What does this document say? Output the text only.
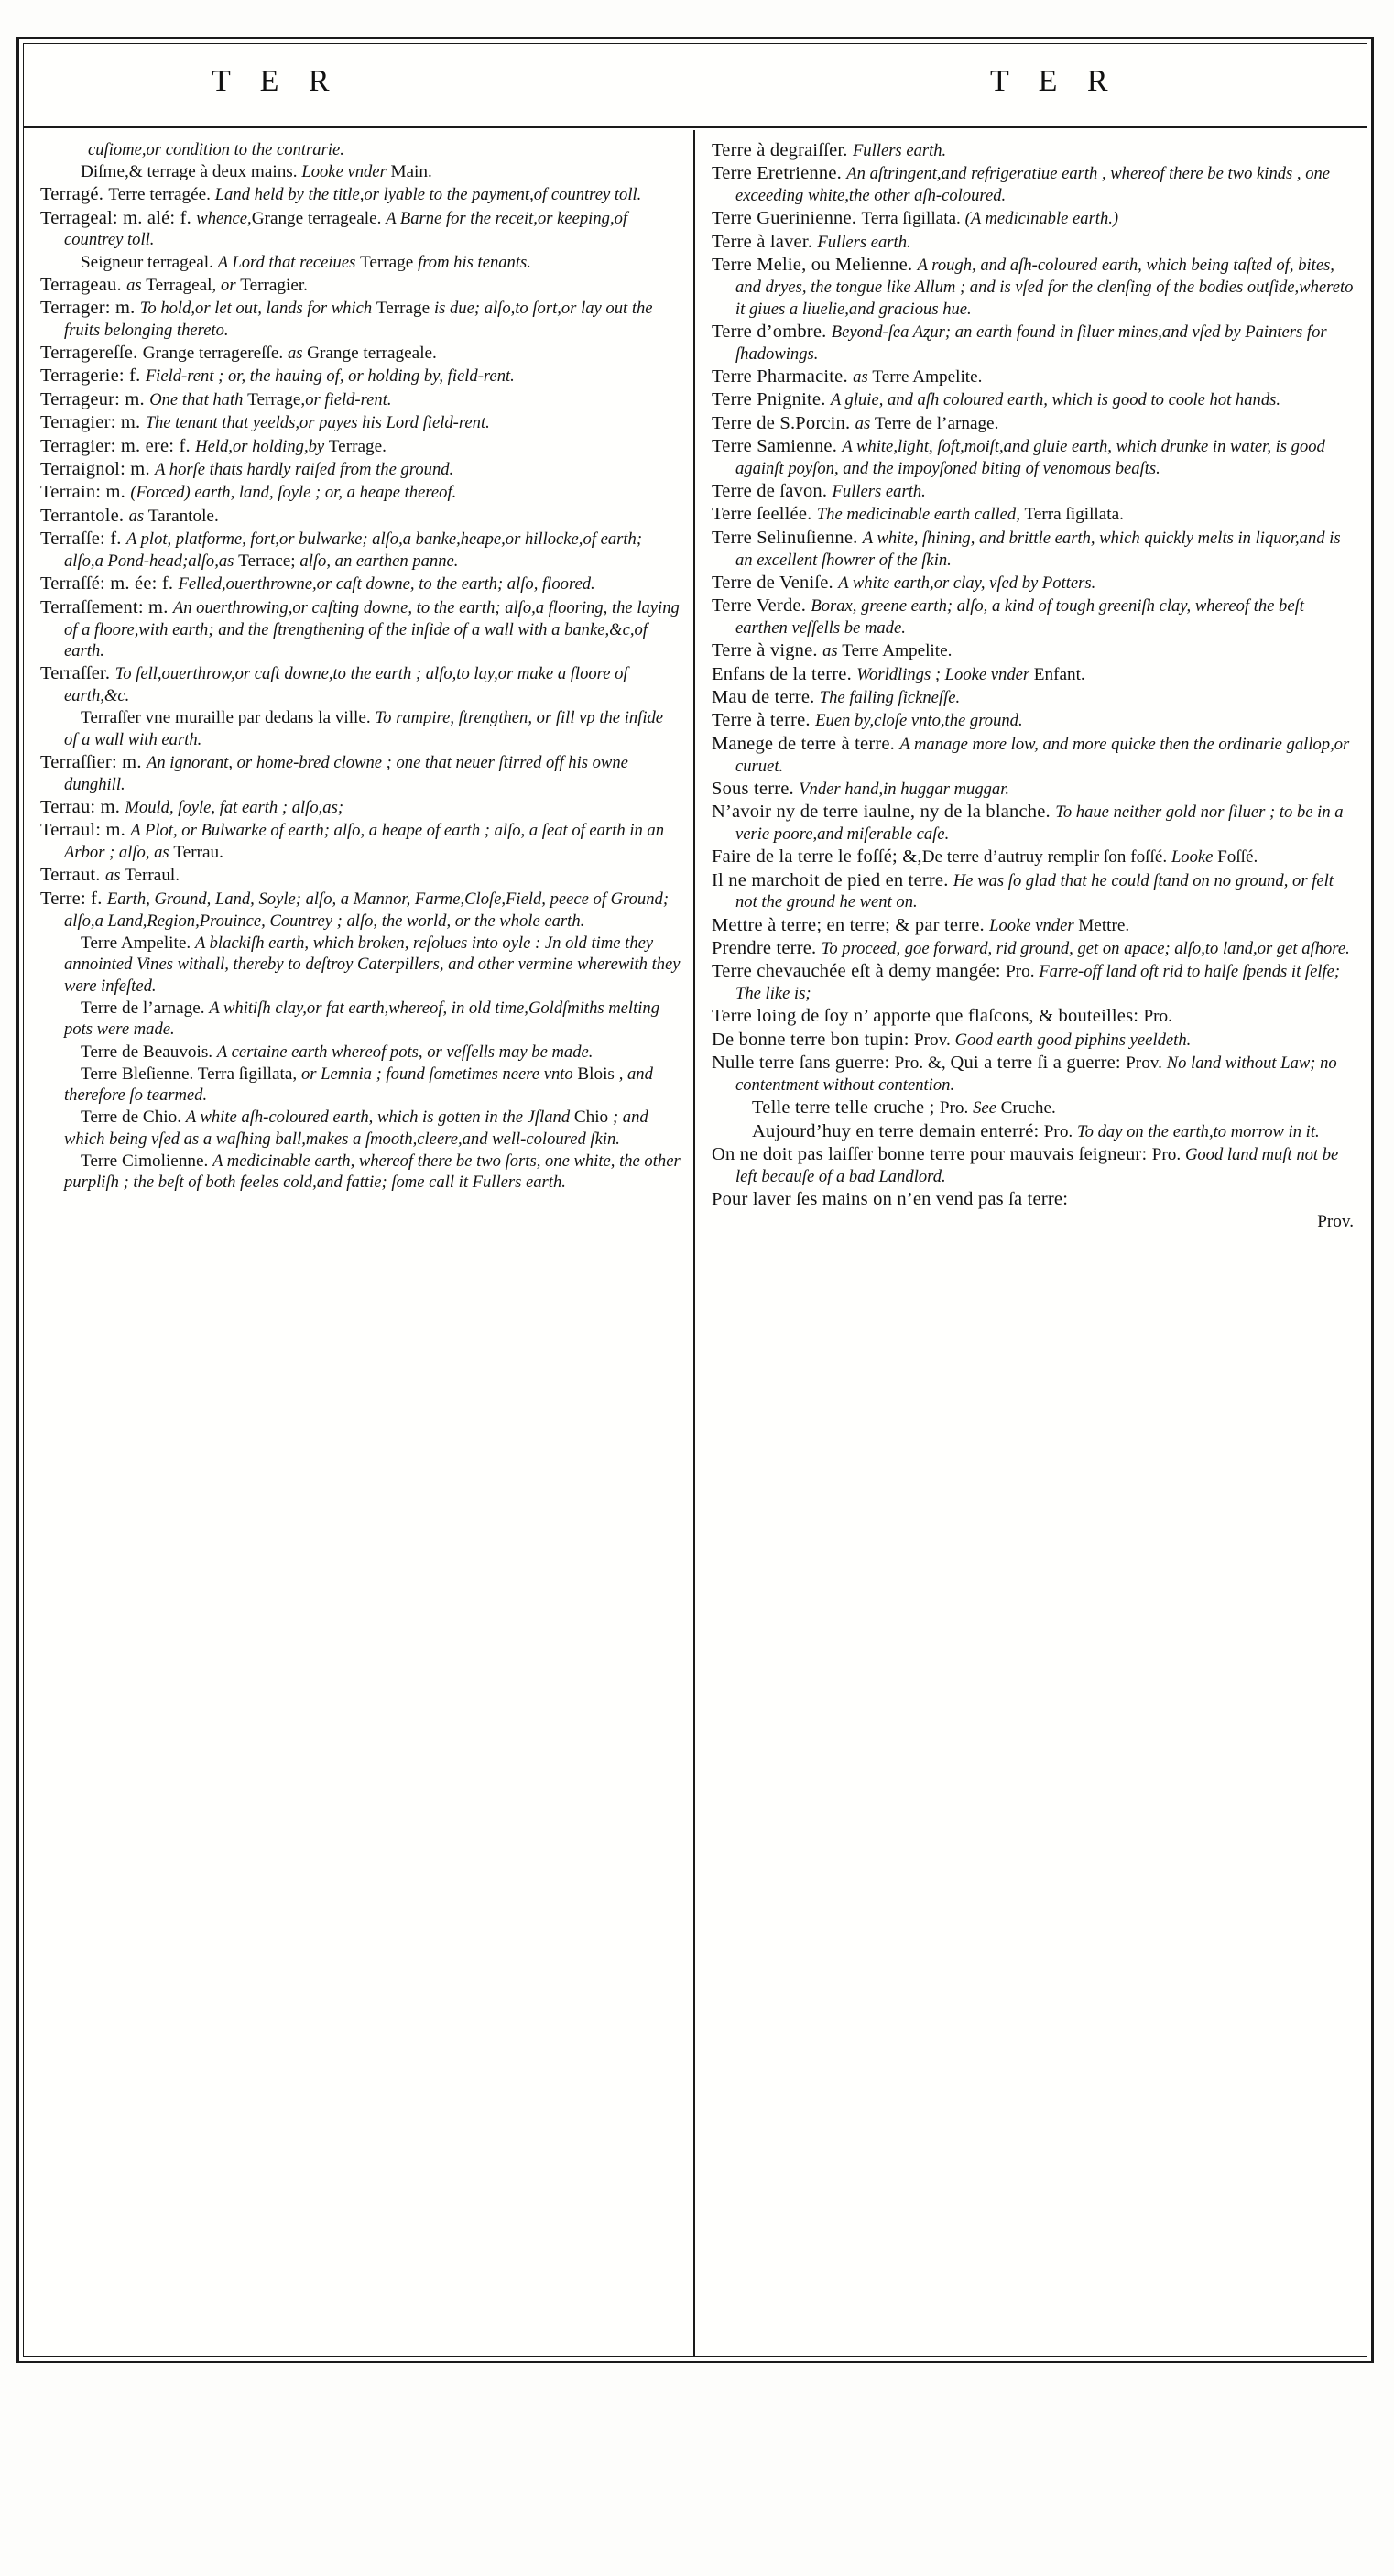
T E R	T E R
cuſiome,or condition to the contrarie.
Diſme,& terrage à deux mains. Looke vnder Main.
Terragé. Terre terragée. Land held by the title,or lyable to the payment,of countrey toll.
Terrageal: m. alé: f. whence,Grange terrageale. A Barne for the receit,or keeping,of countrey toll.
Seigneur terrageal. A Lord that receiues Terrage from his tenants.
Terrageau. as Terrageal, or Terragier.
Terrager: m. To hold,or let out, lands for which Terrage is due; alſo,to ſort,or lay out the fruits belonging thereto.
Terragereſſe. Grange terragereſſe. as Grange terrageale.
Terragerie: f. Field-rent ; or, the hauing of, or holding by, field-rent.
Terrageur: m. One that hath Terrage,or field-rent.
Terragier: m. The tenant that yeelds,or payes his Lord field-rent.
Terragier: m. ere: f. Held,or holding,by Terrage.
Terraignol: m. A horſe thats hardly raiſed from the ground.
Terrain: m. (Forced) earth, land, ſoyle ; or, a heape thereof.
Terrantole. as Tarantole.
Terraſſe: f. A plot, platforme, fort,or bulwarke; alſo,a banke,heape,or hillocke,of earth; alſo,a Pond-head;alſo,as Terrace; alſo, an earthen panne.
Terraſſé: m. ée: f. Felled,ouerthrowne,or caſt downe, to the earth; alſo, floored.
Terraſſement: m. An ouerthrowing,or caſting downe, to the earth; alſo,a flooring, the laying of a floore,with earth; and the ſtrengthening of the inſide of a wall with a banke,&c,of earth.
Terraſſer. To fell,ouerthrow,or caſt downe,to the earth ; alſo,to lay,or make a floore of earth,&c.
Terraſſer vne muraille par dedans la ville. To rampire, ſtrengthen, or fill vp the inſide of a wall with earth.
Terraſſier: m. An ignorant, or home-bred clowne ; one that neuer ſtirred off his owne dunghill.
Terrau: m. Mould, ſoyle, fat earth ; alſo,as;
Terraul: m. A Plot, or Bulwarke of earth; alſo, a heape of earth ; alſo, a ſeat of earth in an Arbor ; alſo, as Terrau.
Terraut. as Terraul.
Terre: f. Earth, Ground, Land, Soyle; alſo, a Mannor, Farme,Cloſe,Field, peece of Ground; alſo,a Land,Region,Prouince, Countrey ; alſo, the world, or the whole earth.
Terre Ampelite. A blackiſh earth, which broken, reſolues into oyle : Jn old time they annointed Vines withall, thereby to deſtroy Caterpillers, and other vermine wherewith they were infeſted.
Terre de l’arnage. A whitiſh clay,or fat earth,whereof, in old time,Goldſmiths melting pots were made.
Terre de Beauvois. A certaine earth whereof pots, or veſſells may be made.
Terre Bleſienne. Terra ſigillata, or Lemnia ; found ſometimes neere vnto Blois , and therefore ſo tearmed.
Terre de Chio. A white aſh-coloured earth, which is gotten in the Jſland Chio ; and which being vſed as a waſhing ball,makes a ſmooth,cleere,and well-coloured ſkin.
Terre Cimolienne. A medicinable earth, whereof there be two ſorts, one white, the other purpliſh ; the beſt of both feeles cold,and fattie; ſome call it Fullers earth.
Terre à degraiſſer. Fullers earth.
Terre Eretrienne. An aſtringent,and refrigeratiue earth , whereof there be two kinds , one exceeding white,the other aſh-coloured.
Terre Guerinienne. Terra ſigillata. (A medicinable earth.)
Terre à laver. Fullers earth.
Terre Melie, ou Melienne. A rough, and aſh-coloured earth, which being taſted of, bites, and dryes, the tongue like Allum ; and is vſed for the clenſing of the bodies outſide,whereto it giues a liuelie,and gracious hue.
Terre d’ombre. Beyond-ſea Aʐur; an earth found in ſiluer mines,and vſed by Painters for ſhadowings.
Terre Pharmacite. as Terre Ampelite.
Terre Pnignite. A gluie, and aſh coloured earth, which is good to coole hot hands.
Terre de S.Porcin. as Terre de l’arnage.
Terre Samienne. A white,light, ſoft,moiſt,and gluie earth, which drunke in water, is good againſt poyſon, and the impoyſoned biting of venomous beaſts.
Terre de ſavon. Fullers earth.
Terre ſeellée. The medicinable earth called, Terra ſigillata.
Terre Selinuſienne. A white, ſhining, and brittle earth, which quickly melts in liquor,and is an excellent ſhowrer of the ſkin.
Terre de Veniſe. A white earth,or clay, vſed by Potters.
Terre Verde. Borax, greene earth; alſo, a kind of tough greeniſh clay, whereof the beſt earthen veſſells be made.
Terre à vigne. as Terre Ampelite.
Enfans de la terre. Worldlings ; Looke vnder Enfant.
Mau de terre. The falling ſickneſſe.
Terre à terre. Euen by,cloſe vnto,the ground.
Manege de terre à terre. A manage more low, and more quicke then the ordinarie gallop,or curuet.
Sous terre. Vnder hand,in huggar muggar.
N’avoir ny de terre iaulne, ny de la blanche. To haue neither gold nor ſiluer ; to be in a verie poore,and miſerable caſe.
Faire de la terre le foſſé; &,De terre d’autruy remplir ſon foſſé. Looke Foſſé.
Il ne marchoit de pied en terre. He was ſo glad that he could ſtand on no ground, or felt not the ground he went on.
Mettre à terre; en terre; & par terre. Looke vnder Mettre.
Prendre terre. To proceed, goe forward, rid ground, get on apace; alſo,to land,or get aſhore.
Terre chevauchée eſt à demy mangée: Pro. Farre-off land oft rid to halſe ſpends it ſelfe; The like is;
Terre loing de ſoy n’ apporte que flaſcons, & bouteilles: Pro.
De bonne terre bon tupin: Prov. Good earth good piphins yeeldeth.
Nulle terre ſans guerre: Pro. &, Qui a terre ſi a guerre: Prov. No land without Law; no contentment without contention.
Telle terre telle cruche ; Pro. See Cruche.
Aujourd’huy en terre demain enterré: Pro. To day on the earth,to morrow in it.
On ne doit pas laiſſer bonne terre pour mauvais ſeigneur: Pro. Good land muſt not be left becauſe of a bad Landlord.
Pour laver ſes mains on n’en vend pas ſa terre:
Prov.
